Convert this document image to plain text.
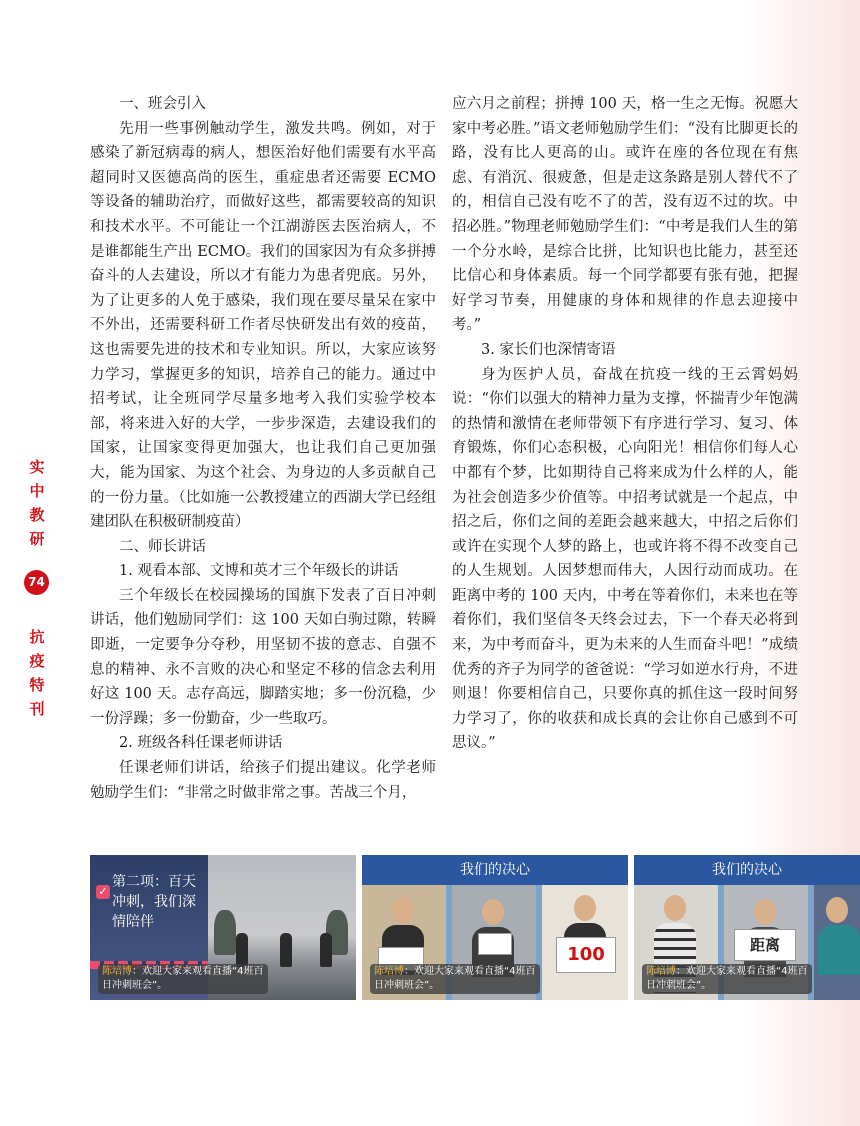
实
中
教
研
74
抗
疫
特
刊
一、班会引入

先用一些事例触动学生，激发共鸣。例如，对于感染了新冠病毒的病人，想医治好他们需要有水平高超同时又医德高尚的医生，重症患者还需要 ECMO 等设备的辅助治疗，而做好这些，都需要较高的知识和技术水平。不可能让一个江湖游医去医治病人，不是谁都能生产出 ECMO。我们的国家因为有众多拼搏奋斗的人去建设，所以才有能力为患者兜底。另外，为了让更多的人免于感染，我们现在要尽量呆在家中不外出，还需要科研工作者尽快研发出有效的疫苗，这也需要先进的技术和专业知识。所以，大家应该努力学习，掌握更多的知识，培养自己的能力。通过中招考试，让全班同学尽量多地考入我们实验学校本部，将来进入好的大学，一步步深造，去建设我们的国家，让国家变得更加强大，也让我们自己更加强大，能为国家、为这个社会、为身边的人多贡献自己的一份力量。（比如施一公教授建立的西湖大学已经组建团队在积极研制疫苗）

二、师长讲话
1. 观看本部、文博和英才三个年级长的讲话

三个年级长在校园操场的国旗下发表了百日冲刺讲话，他们勉励同学们：这 100 天如白驹过隙，转瞬即逝，一定要争分夺秒，用坚韧不拔的意志、自强不息的精神、永不言败的决心和坚定不移的信念去利用好这 100 天。志存高远，脚踏实地；多一份沉稳，少一份浮躁；多一份勤奋，少一些取巧。

2. 班级各科任课老师讲话

任课老师们讲话，给孩子们提出建议。化学老师勉励学生们：“非常之时做非常之事。苦战三个月，

应六月之前程；拼搏 100 天，格一生之无悔。祝愿大家中考必胜。”语文老师勉励学生们：“没有比脚更长的路，没有比人更高的山。或许在座的各位现在有焦虑、有消沉、很疲惫，但是走这条路是别人替代不了的，相信自己没有吃不了的苦，没有迈不过的坎。中招必胜。”物理老师勉励学生们：“中考是我们人生的第一个分水岭，是综合比拼，比知识也比能力，甚至还比信心和身体素质。每一个同学都要有张有弛，把握好学习节奏，用健康的身体和规律的作息去迎接中考。”

3. 家长们也深情寄语

身为医护人员，奋战在抗疫一线的王云霄妈妈说：“你们以强大的精神力量为支撑，怀揣青少年饱满的热情和激情在老师带领下有序进行学习、复习、体育锻炼，你们心态积极，心向阳光！相信你们每人心中都有个梦，比如期待自己将来成为什么样的人，能为社会创造多少价值等。中招考试就是一个起点，中招之后，你们之间的差距会越来越大，中招之后你们或许在实现个人梦的路上，也或许将不得不改变自己的人生规划。人因梦想而伟大，人因行动而成功。在距离中考的 100 天内，中考在等着你们，未来也在等着你们，我们坚信冬天终会过去，下一个春天必将到来，为中考而奋斗，更为未来的人生而奋斗吧！”成绩优秀的齐子为同学的爸爸说：“学习如逆水行舟，不进则退！你要相信自己，只要你真的抓住这一段时间努力学习了，你的收获和成长真的会让你自己感到不可思议。”

✓
第二项：百天冲刺，我们深情陪伴
陈培博：欢迎大家来观看直播“4班百日冲刺班会”。
我们的决心
100
陈培博：欢迎大家来观看直播“4班百日冲刺班会”。
我们的决心
距离
陈培博：欢迎大家来观看直播“4班百日冲刺班会”。
